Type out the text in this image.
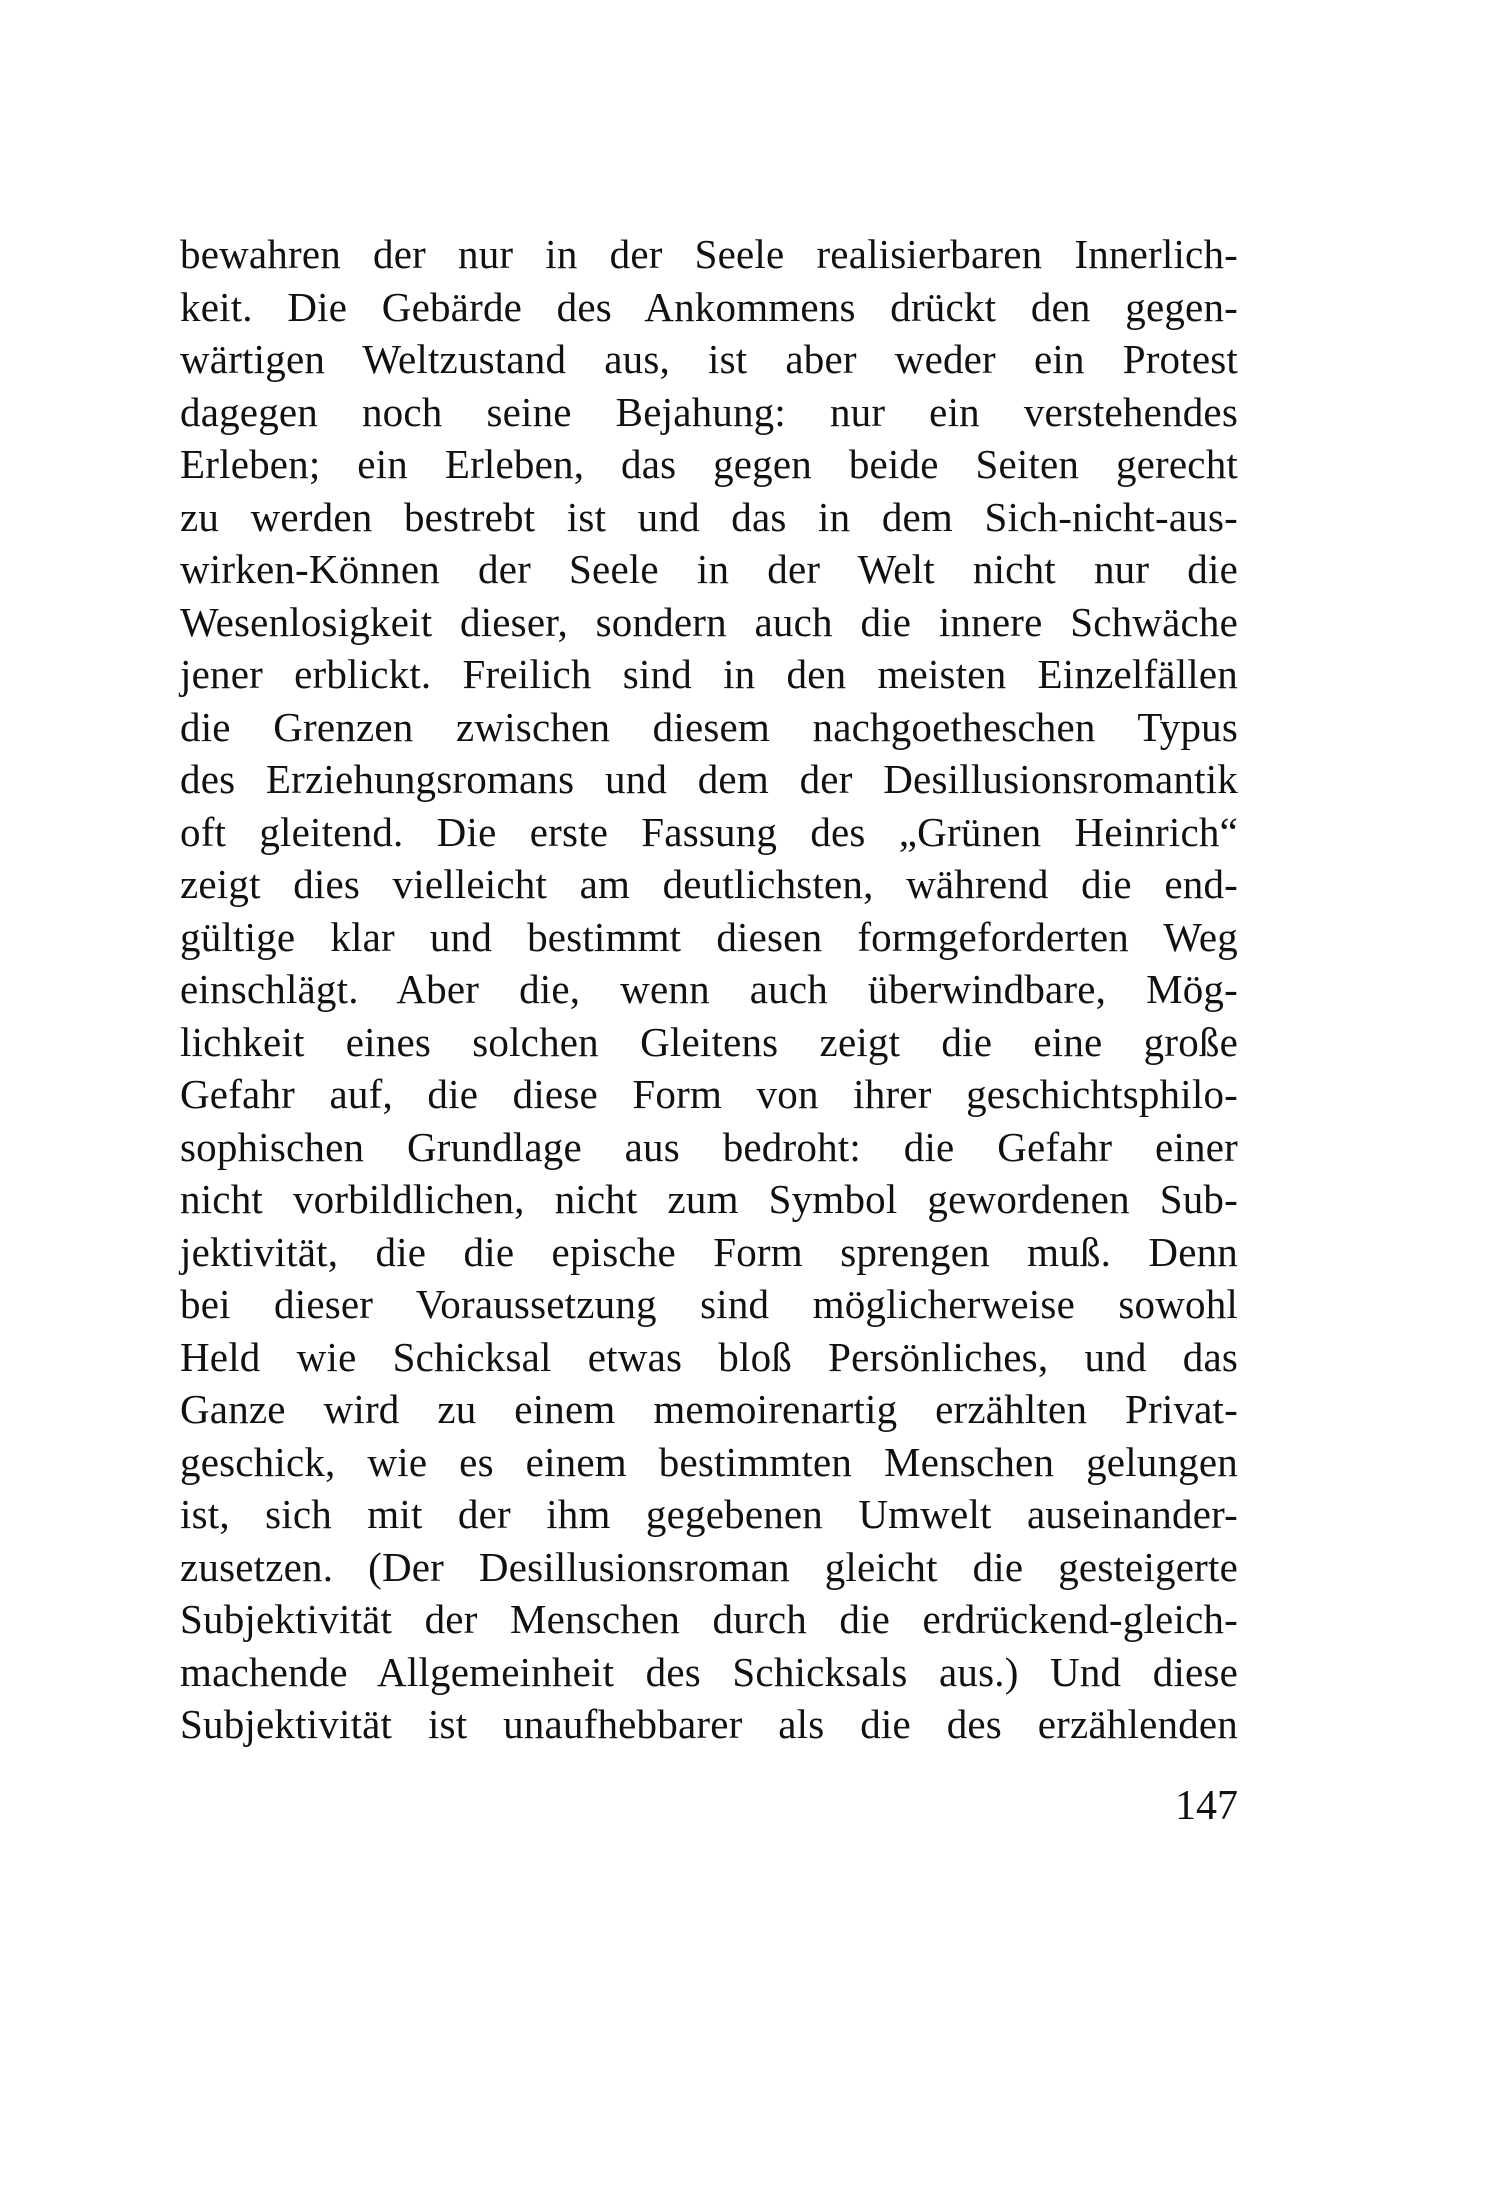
bewahren der nur in der Seele realisierbaren Innerlich-
keit. Die Gebärde des Ankommens drückt den gegen-
wärtigen Weltzustand aus, ist aber weder ein Protest
dagegen noch seine Bejahung: nur ein verstehendes
Erleben; ein Erleben, das gegen beide Seiten gerecht
zu werden bestrebt ist und das in dem Sich-nicht-aus-
wirken-Können der Seele in der Welt nicht nur die
Wesenlosigkeit dieser, sondern auch die innere Schwäche
jener erblickt. Freilich sind in den meisten Einzelfällen
die Grenzen zwischen diesem nachgoetheschen Typus
des Erziehungsromans und dem der Desillusionsromantik
oft gleitend. Die erste Fassung des „Grünen Heinrich“
zeigt dies vielleicht am deutlichsten, während die end-
gültige klar und bestimmt diesen formgeforderten Weg
einschlägt. Aber die, wenn auch überwindbare, Mög-
lichkeit eines solchen Gleitens zeigt die eine große
Gefahr auf, die diese Form von ihrer geschichtsphilo-
sophischen Grundlage aus bedroht: die Gefahr einer
nicht vorbildlichen, nicht zum Symbol gewordenen Sub-
jektivität, die die epische Form sprengen muß. Denn
bei dieser Voraussetzung sind möglicherweise sowohl
Held wie Schicksal etwas bloß Persönliches, und das
Ganze wird zu einem memoirenartig erzählten Privat-
geschick, wie es einem bestimmten Menschen gelungen
ist, sich mit der ihm gegebenen Umwelt auseinander-
zusetzen. (Der Desillusionsroman gleicht die gesteigerte
Subjektivität der Menschen durch die erdrückend-gleich-
machende Allgemeinheit des Schicksals aus.) Und diese
Subjektivität ist unaufhebbarer als die des erzählenden
147
